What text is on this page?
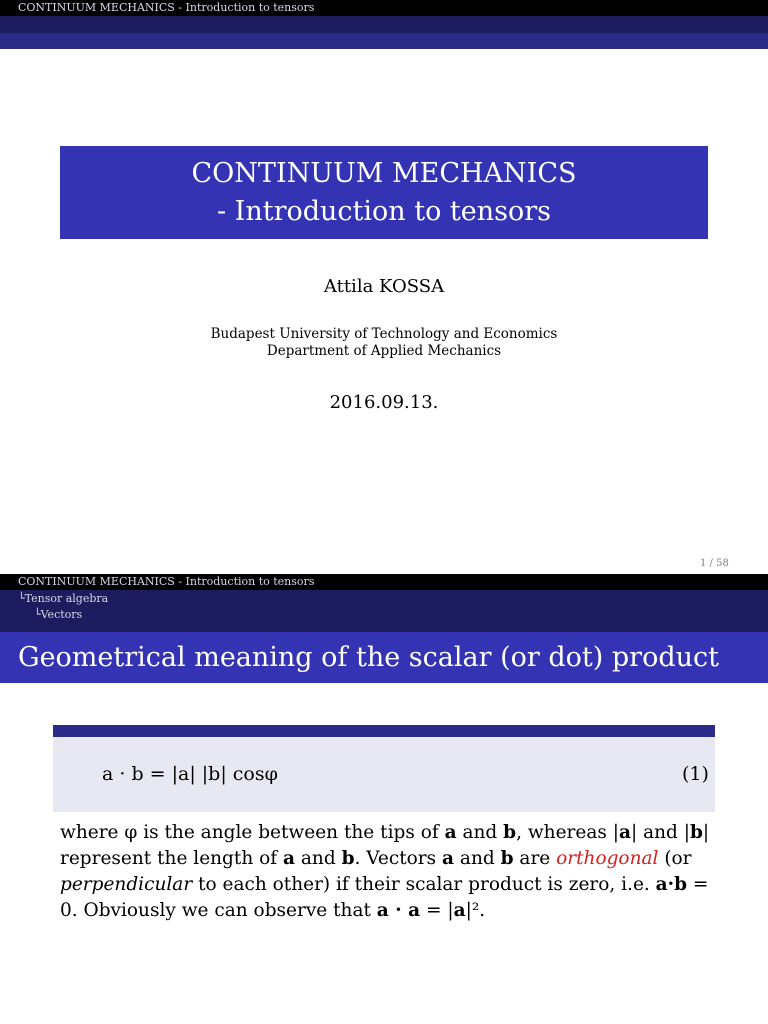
CONTINUUM MECHANICS - Introduction to tensors
CONTINUUM MECHANICS
- Introduction to tensors
Attila KOSSA
Budapest University of Technology and Economics
Department of Applied Mechanics
2016.09.13.
1 / 58
CONTINUUM MECHANICS - Introduction to tensors
└Tensor algebra
└Vectors
Geometrical meaning of the scalar (or dot) product
a · b = |a| |b| cosφ	(1)
where φ is the angle between the tips of a and b, whereas |a| and |b| represent the length of a and b. Vectors a and b are orthogonal (or perpendicular to each other) if their scalar product is zero, i.e. a·b = 0. Obviously we can observe that a · a = |a|².
